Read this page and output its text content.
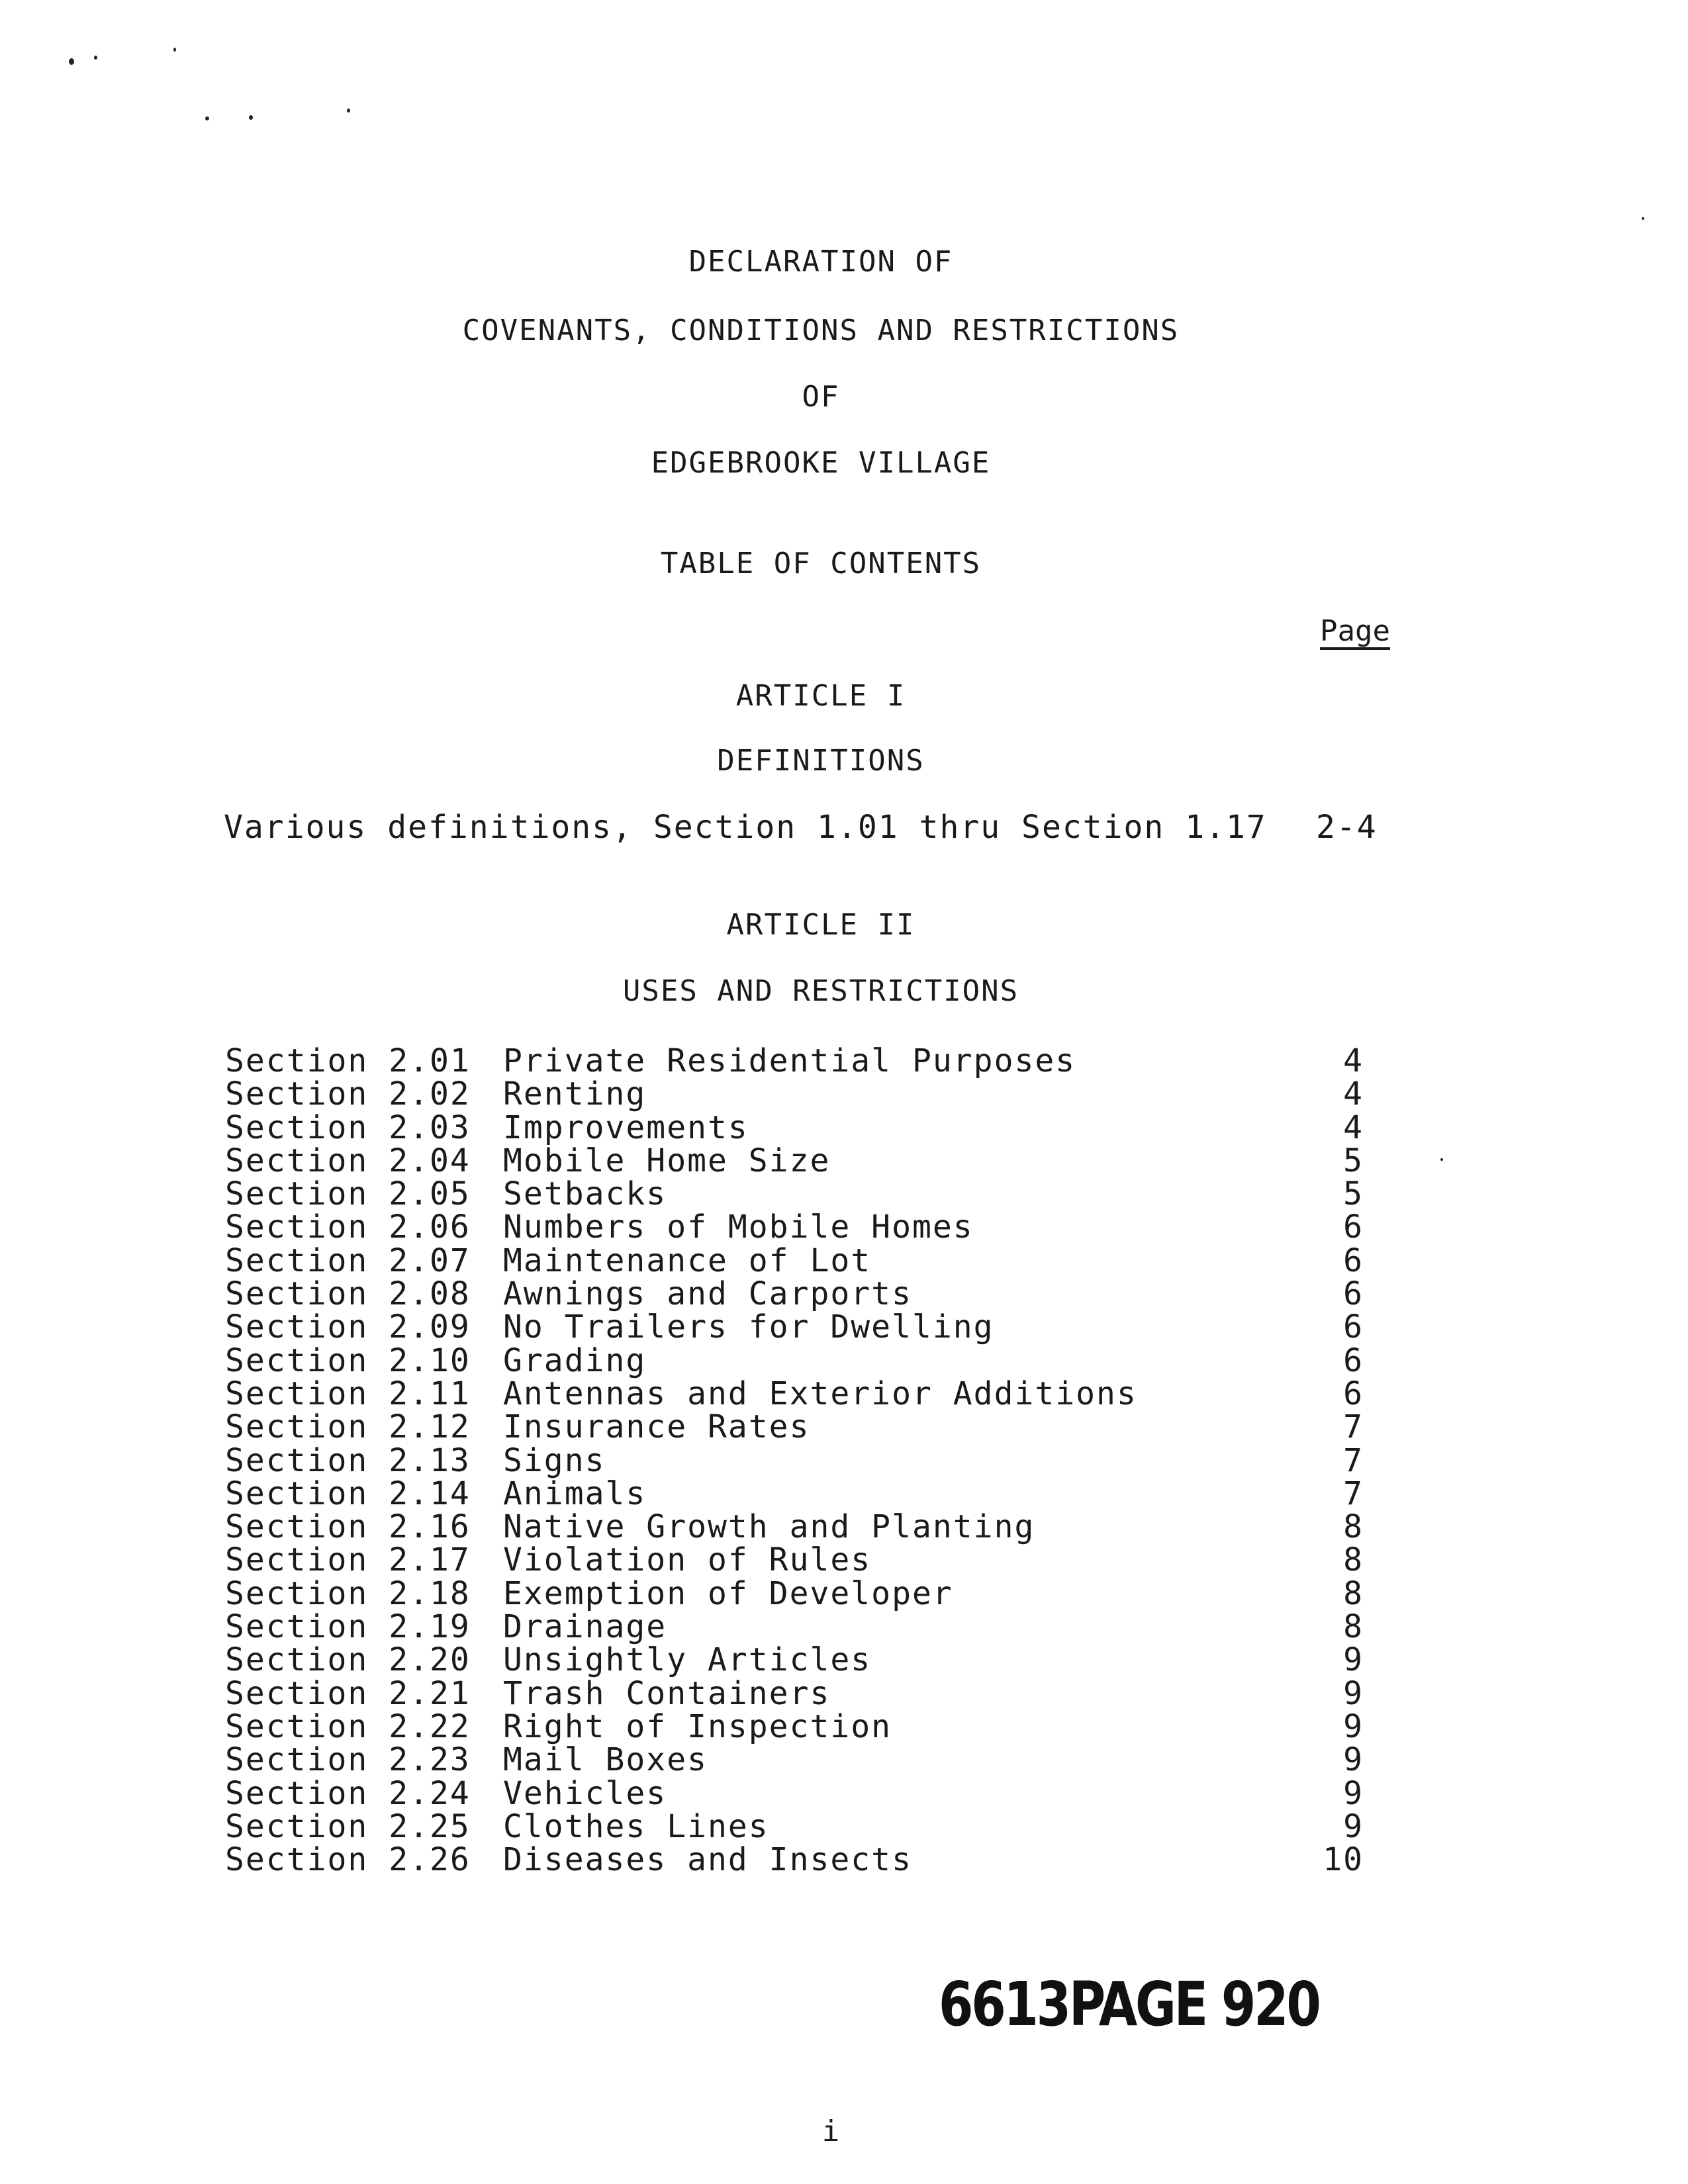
DECLARATION OF
COVENANTS, CONDITIONS AND RESTRICTIONS
OF
EDGEBROOKE VILLAGE
TABLE OF CONTENTS
Page
ARTICLE I
DEFINITIONS
Various definitions, Section 1.01 thru Section 1.17 2-4
ARTICLE II
USES AND RESTRICTIONS
Section 2.01 Private Residential Purposes	4
Section 2.02 Renting	4
Section 2.03 Improvements	4
Section 2.04 Mobile Home Size	5
Section 2.05 Setbacks	5
Section 2.06 Numbers of Mobile Homes	6
Section 2.07 Maintenance of Lot	6
Section 2.08 Awnings and Carports	6
Section 2.09 No Trailers for Dwelling	6
Section 2.10 Grading	6
Section 2.11 Antennas and Exterior Additions	6
Section 2.12 Insurance Rates	7
Section 2.13 Signs	7
Section 2.14 Animals	7
Section 2.16 Native Growth and Planting	8
Section 2.17 Violation of Rules	8
Section 2.18 Exemption of Developer	8
Section 2.19 Drainage	8
Section 2.20 Unsightly Articles	9
Section 2.21 Trash Containers	9
Section 2.22 Right of Inspection	9
Section 2.23 Mail Boxes	9
Section 2.24 Vehicles	9
Section 2.25 Clothes Lines	9
Section 2.26 Diseases and Insects	10
6613PAGE 920
i
